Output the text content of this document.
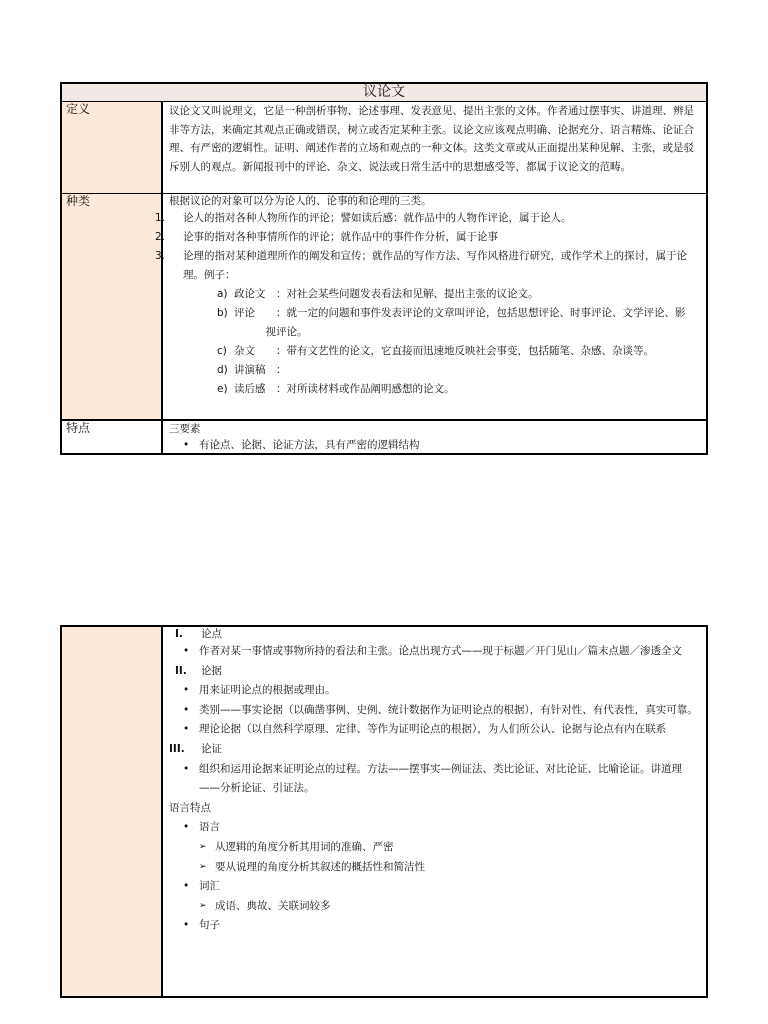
议论文
定义	议论文又叫说理文，它是一种剖析事物、论述事理、发表意见、提出主张的文体。作者通过摆事实、讲道理、辨是非等方法，来确定其观点正确或错误，树立或否定某种主张。议论文应该观点明确、论据充分、语言精炼、论证合理、有严密的逻辑性。证明、阐述作者的立场和观点的一种文体。这类文章或从正面提出某种见解、主张，或是驳斥别人的观点。新闻报刊中的评论、杂文、说法或日常生活中的思想感受等，都属于议论文的范畴。
种类	根据议论的对象可以分为论人的、论事的和论理的三类。
1. 论人的指对各种人物所作的评论；譬如读后感：就作品中的人物作评论，属于论人。
2. 论事的指对各种事情所作的评论；就作品中的事件作分析，属于论事
3. 论理的指对某种道理所作的阐发和宣传；就作品的写作方法、写作风格进行研究，或作学术上的探讨，属于论理。例子：
a) 政论文　：对社会某些问题发表看法和见解、提出主张的议论文。
b) 评论　　：就一定的问题和事件发表评论的文章叫评论，包括思想评论、时事评论、文学评论、影
　　　视评论。
c) 杂文　　：带有文艺性的论文，它直接而迅速地反映社会事变，包括随笔、杂感、杂谈等。
d) 讲演稿　：
e) 读后感　：对所读材料或作品阐明感想的论文。
特点	三要素
• 有论点、论据、论证方法，具有严密的逻辑结构
I. 论点
• 作者对某一事情或事物所持的看法和主张。论点出现方式——现于标题／开门见山／篇末点题／渗透全文
II. 论据
• 用来证明论点的根据或理由。
• 类别——事实论据（以确凿事例、史例、统计数据作为证明论点的根据），有针对性、有代表性，真实可靠。
• 理论论据（以自然科学原理、定律、等作为证明论点的根据），为人们所公认、论据与论点有内在联系
III. 论证
• 组织和运用论据来证明论点的过程。方法——摆事实—例证法、类比论证、对比论证、比喻论证。讲道理——分析论证、引证法。
语言特点
• 语言
➢ 从逻辑的角度分析其用词的准确、严密
➢ 要从说理的角度分析其叙述的概括性和简洁性
• 词汇
➢ 成语、典故、关联词较多
• 句子
